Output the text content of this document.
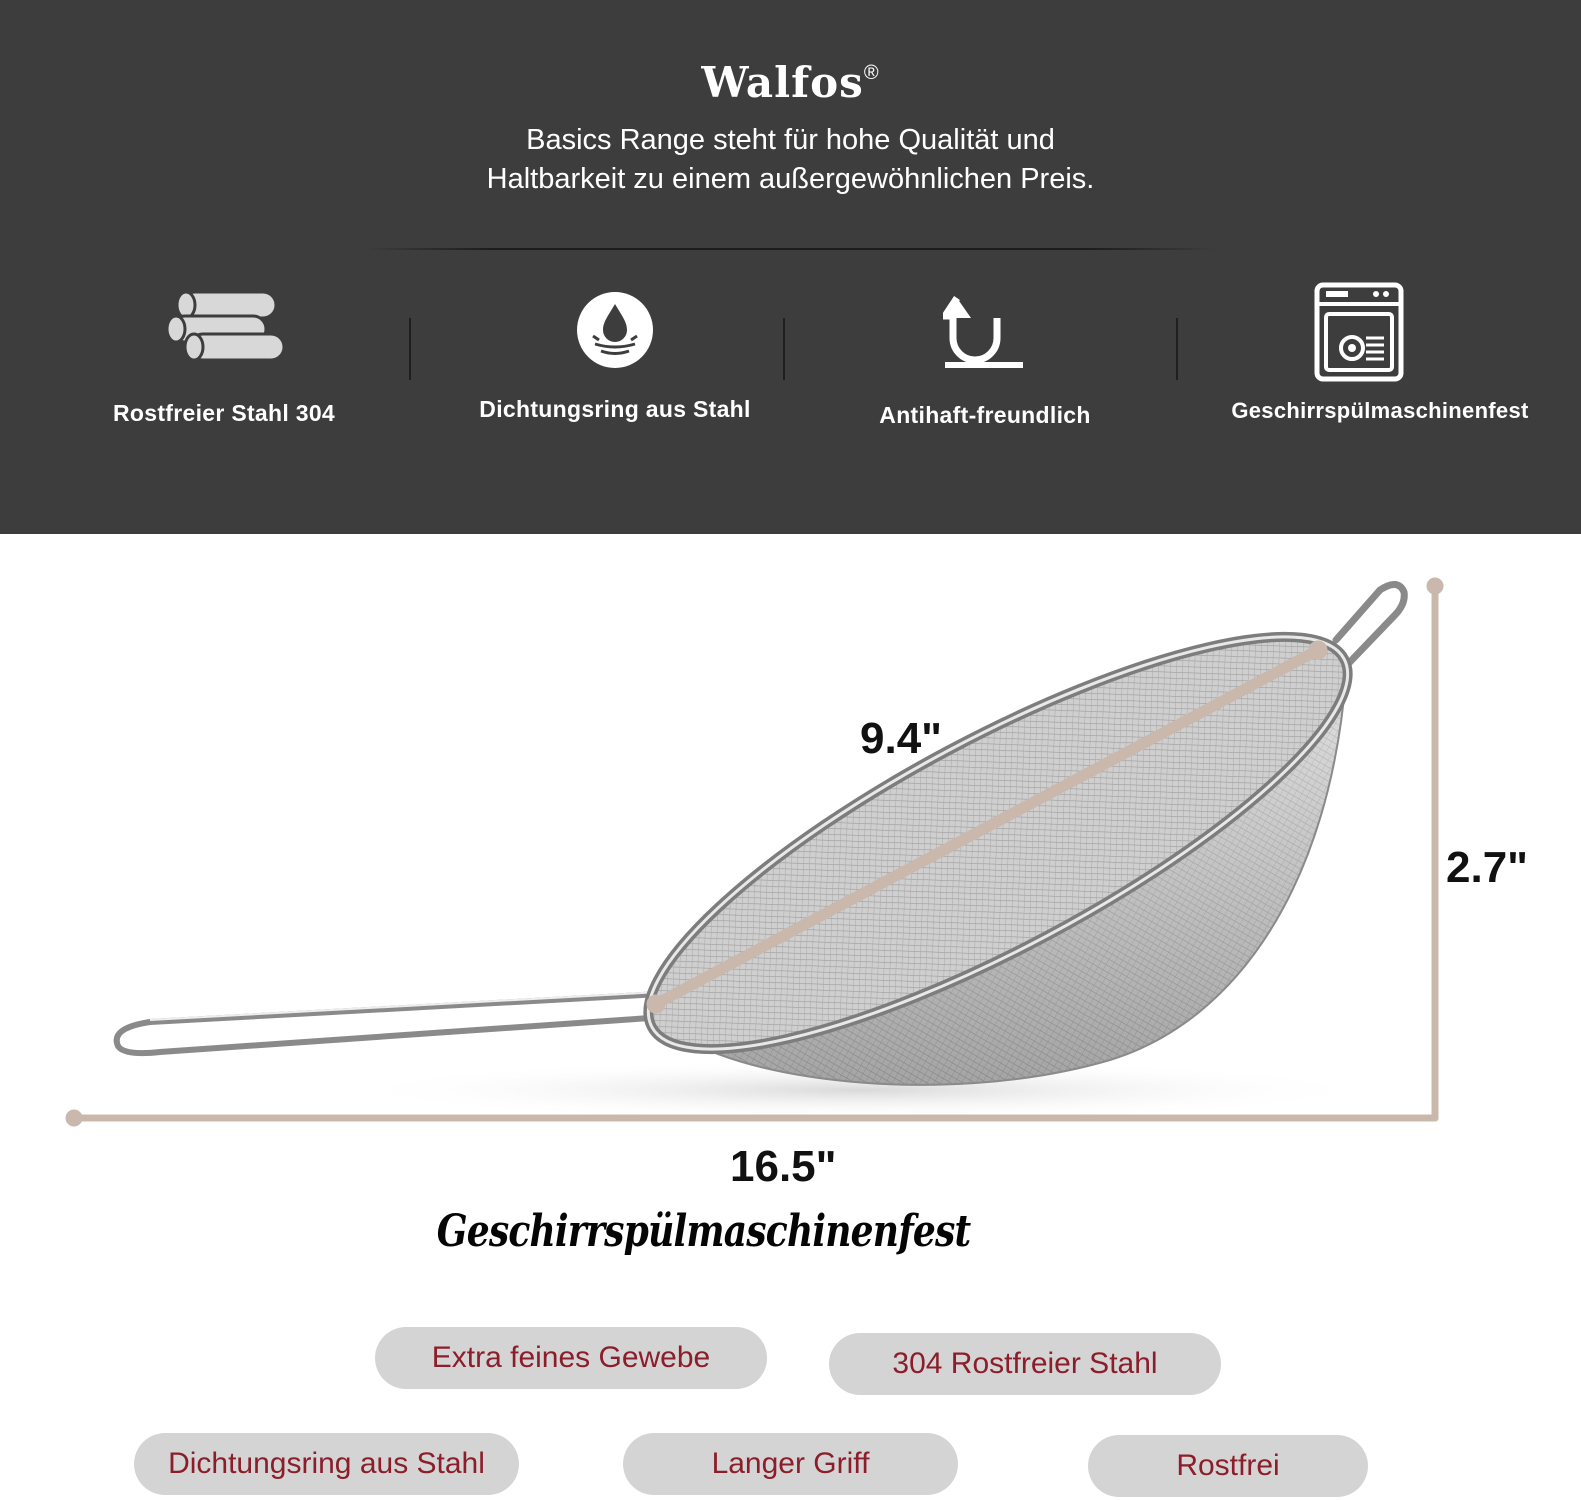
Walfos®
Basics Range steht für hohe Qualität und
Haltbarkeit zu einem außergewöhnlichen Preis.
Rostfreier Stahl 304	Dichtungsring aus Stahl	Antihaft-freundlich	Geschirrspülmaschinenfest
9.4"
2.7"
16.5"
Geschirrspülmaschinenfest
Extra feines Gewebe	304 Rostfreier Stahl
Dichtungsring aus Stahl	Langer Griff	Rostfrei
